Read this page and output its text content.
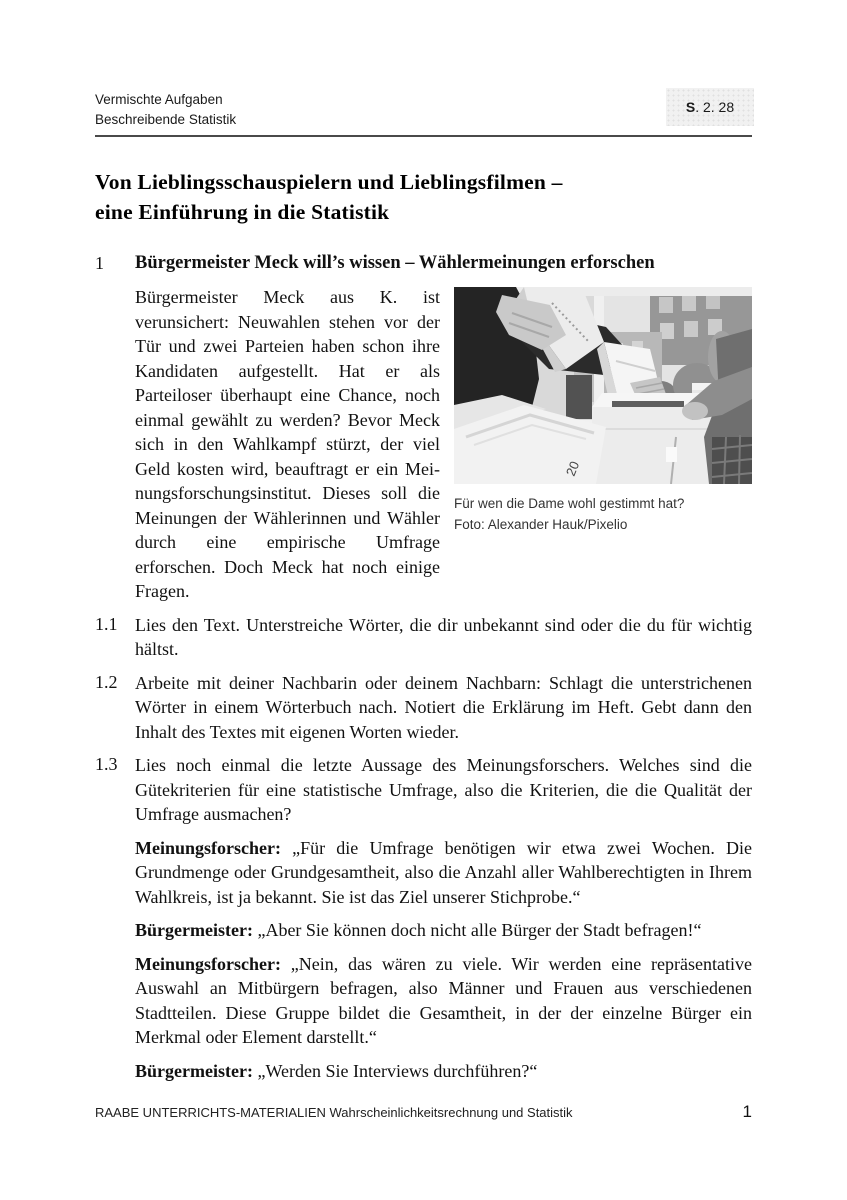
Vermischte Aufgaben
Beschreibende Statistik
S . 2. 28
Von Lieblingsschauspielern und Lieblingsfilmen –
eine Einführung in die Statistik
1 Bürgermeister Meck will’s wissen – Wählermeinungen erforschen
20
Für wen die Dame wohl gestimmt hat?
Foto: Alexander Hauk/Pixelio

Bürgermeister Meck aus K. ist verunsichert: Neuwahlen stehen vor der Tür und zwei Parteien haben schon ihre Kandidaten aufgestellt. Hat er als Parteiloser überhaupt eine Chance, noch einmal gewählt zu werden? Bevor Meck sich in den Wahlkampf stürzt, der viel Geld kosten wird, beauftragt er ein Meinungsforschungsinstitut. Dieses soll die Meinungen der Wählerinnen und Wähler durch eine empirische Umfrage erforschen. Doch Meck hat noch einige Fragen.

1.1 Lies den Text. Unterstreiche Wörter, die dir unbekannt sind oder die du für wichtig hältst.

1.2 Arbeite mit deiner Nachbarin oder deinem Nachbarn: Schlagt die unterstrichenen Wörter in einem Wörterbuch nach. Notiert die Erklärung im Heft. Gebt dann den Inhalt des Textes mit eigenen Worten wieder.

1.3 Lies noch einmal die letzte Aussage des Meinungsforschers. Welches sind die Gütekriterien für eine statistische Umfrage, also die Kriterien, die die Qualität der Umfrage ausmachen?

Meinungsforscher: „Für die Umfrage benötigen wir etwa zwei Wochen. Die Grundmenge oder Grundgesamtheit, also die Anzahl aller Wahlberechtigten in Ihrem Wahlkreis, ist ja bekannt. Sie ist das Ziel unserer Stichprobe.“

Bürgermeister: „Aber Sie können doch nicht alle Bürger der Stadt befragen!“

Meinungsforscher: „Nein, das wären zu viele. Wir werden eine repräsentative Auswahl an Mitbürgern befragen, also Männer und Frauen aus verschiedenen Stadtteilen. Diese Gruppe bildet die Gesamtheit, in der der einzelne Bürger ein Merkmal oder Element darstellt.“

Bürgermeister: „Werden Sie Interviews durchführen?“

RAABE UNTERRICHTS-MATERIALIEN Wahrscheinlichkeitsrechnung und Statistik	1
